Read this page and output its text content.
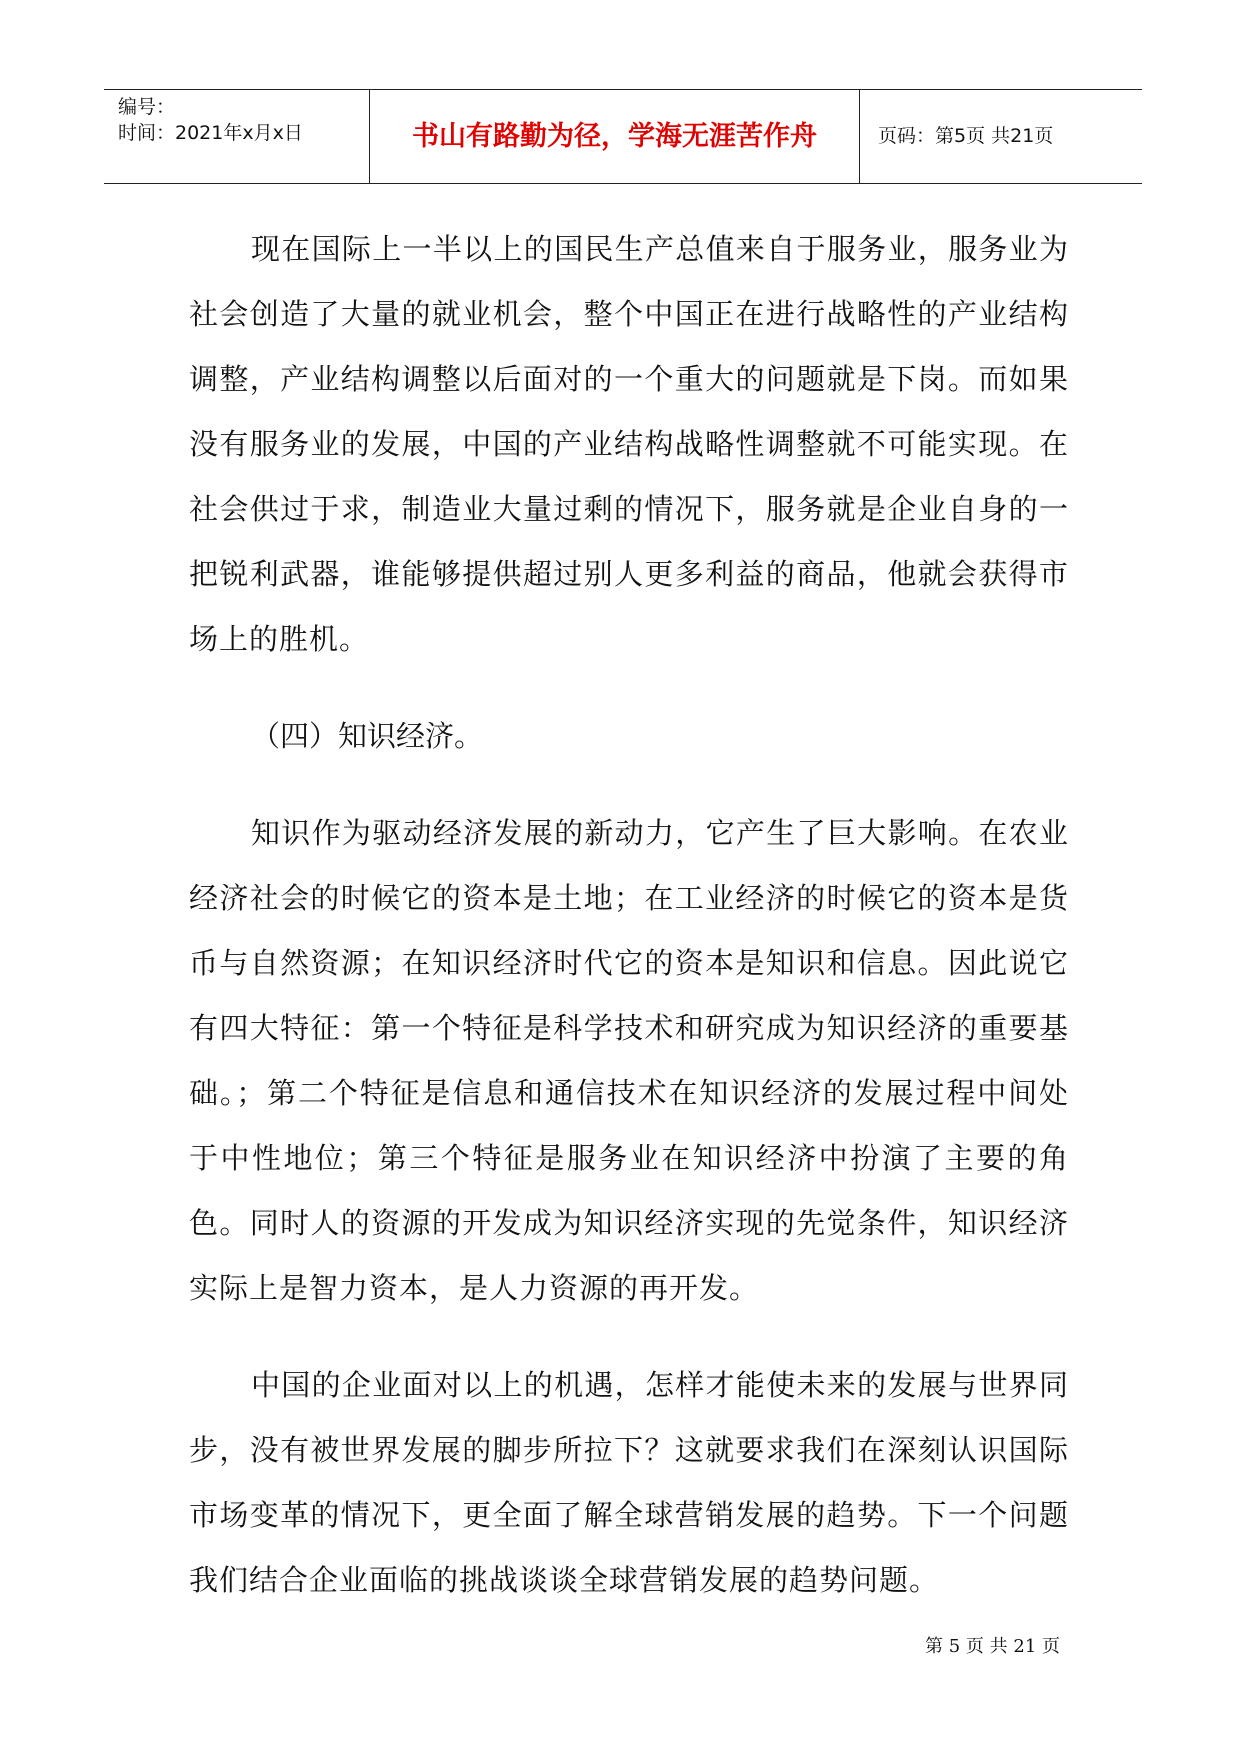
编号：
时间：2021年x月x日	书山有路勤为径，学海无涯苦作舟	页码：第5页 共21页

现在国际上一半以上的国民生产总值来自于服务业，服务业为社会创造了大量的就业机会，整个中国正在进行战略性的产业结构调整，产业结构调整以后面对的一个重大的问题就是下岗。而如果没有服务业的发展，中国的产业结构战略性调整就不可能实现。在社会供过于求，制造业大量过剩的情况下，服务就是企业自身的一把锐利武器，谁能够提供超过别人更多利益的商品，他就会获得市场上的胜机。

（四）知识经济。

知识作为驱动经济发展的新动力，它产生了巨大影响。在农业经济社会的时候它的资本是土地；在工业经济的时候它的资本是货币与自然资源；在知识经济时代它的资本是知识和信息。因此说它有四大特征：第一个特征是科学技术和研究成为知识经济的重要基础。；第二个特征是信息和通信技术在知识经济的发展过程中间处于中性地位；第三个特征是服务业在知识经济中扮演了主要的角色。同时人的资源的开发成为知识经济实现的先觉条件，知识经济实际上是智力资本，是人力资源的再开发。

中国的企业面对以上的机遇，怎样才能使未来的发展与世界同步，没有被世界发展的脚步所拉下？这就要求我们在深刻认识国际市场变革的情况下，更全面了解全球营销发展的趋势。下一个问题我们结合企业面临的挑战谈谈全球营销发展的趋势问题。

第 5 页 共 21 页
